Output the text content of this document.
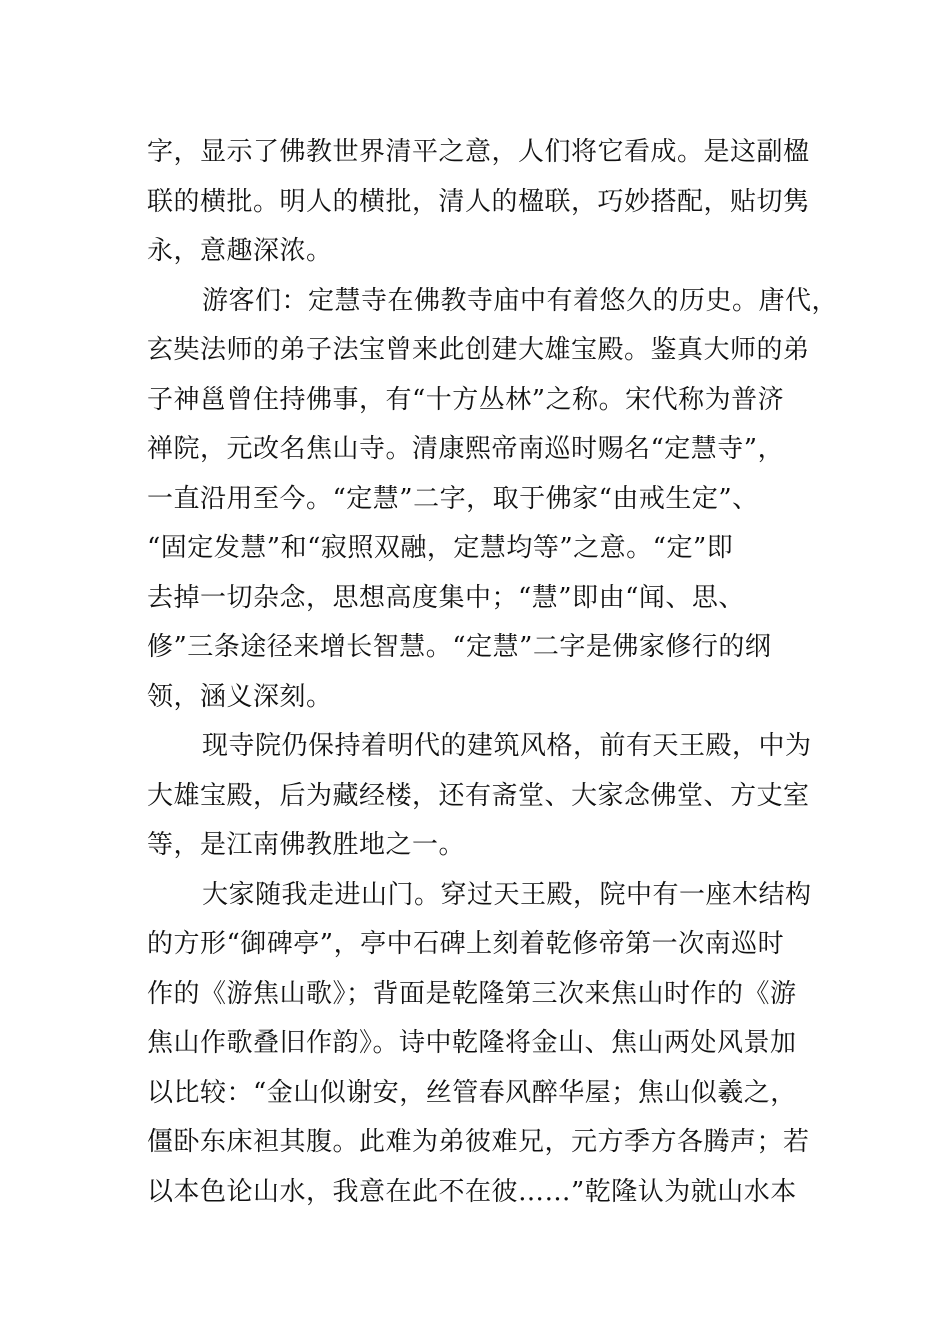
字，显示了佛教世界清平之意，人们将它看成。是这副楹
联的横批。明人的横批，清人的楹联，巧妙搭配，贴切隽
永，意趣深浓。
游客们：定慧寺在佛教寺庙中有着悠久的历史。唐代，
玄奘法师的弟子法宝曾来此创建大雄宝殿。鉴真大师的弟
子神邕曾住持佛事，有“十方丛林”之称。宋代称为普济
禅院，元改名焦山寺。清康熙帝南巡时赐名“定慧寺”，
一直沿用至今。“定慧”二字，取于佛家“由戒生定”、
“固定发慧”和“寂照双融，定慧均等”之意。“定”即
去掉一切杂念，思想高度集中；“慧”即由“闻、思、
修”三条途径来增长智慧。“定慧”二字是佛家修行的纲
领，涵义深刻。
现寺院仍保持着明代的建筑风格，前有天王殿，中为
大雄宝殿，后为藏经楼，还有斋堂、大家念佛堂、方丈室
等，是江南佛教胜地之一。
大家随我走进山门。穿过天王殿，院中有一座木结构
的方形“御碑亭”，亭中石碑上刻着乾修帝第一次南巡时
作的《游焦山歌》；背面是乾隆第三次来焦山时作的《游
焦山作歌叠旧作韵》。诗中乾隆将金山、焦山两处风景加
以比较：“金山似谢安，丝管春风醉华屋；焦山似羲之，
僵卧东床袒其腹。此难为弟彼难兄，元方季方各腾声；若
以本色论山水，我意在此不在彼……”乾隆认为就山水本
